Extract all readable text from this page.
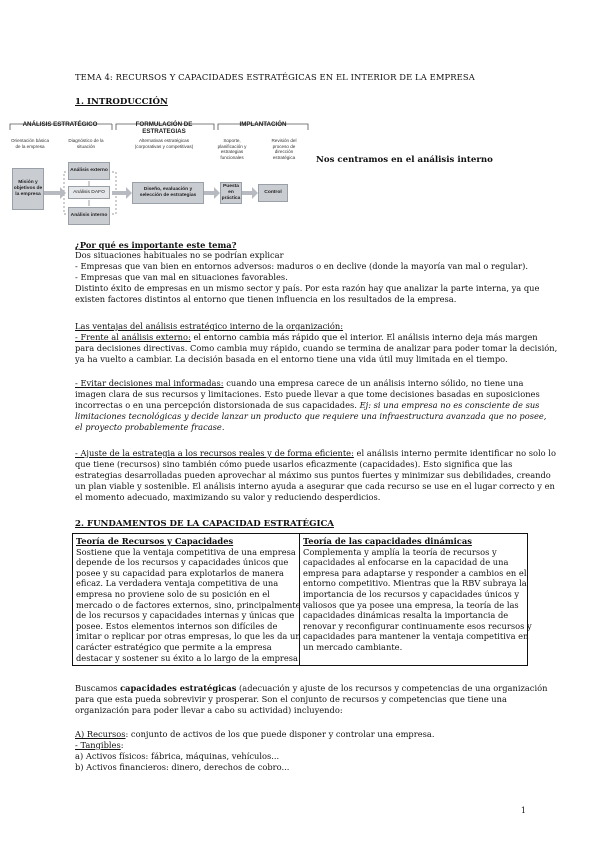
TEMA 4: RECURSOS Y CAPACIDADES ESTRATÉGICAS EN EL INTERIOR DE LA EMPRESA
1. INTRODUCCIÓN
ANÁLISIS ESTRATÉGICO	FORMULACIÓN DE ESTRATEGIAS
IMPLANTACIÓN
Orientación básica de la empresa
Diagnóstico de la situación
Alternativas estratégicas (corporativas y competitivas)
Soporte, planificación y estrategias funcionales
Revisión del proceso de dirección estratégica
Misión y objetivos de la empresa
Análisis externo
Análisis DAFO
Análisis interno
Diseño, evaluación y selección de estrategias
Puesta en práctica
Control
Nos centramos en el análisis interno
¿Por qué es importante este tema?
Dos situaciones habituales no se podrían explicar
- Empresas que van bien en entornos adversos: maduros o en declive (donde la mayoría van mal o regular).
- Empresas que van mal en situaciones favorables.
Distinto éxito de empresas en un mismo sector y país. Por esta razón hay que analizar la parte interna, ya que
existen factores distintos al entorno que tienen influencia en los resultados de la empresa.
Las ventajas del análisis estratégico interno de la organización:
- Frente al análisis externo: el entorno cambia más rápido que el interior. El análisis interno deja más margen
para decisiones directivas. Como cambia muy rápido, cuando se termina de analizar para poder tomar la decisión,
ya ha vuelto a cambiar. La decisión basada en el entorno tiene una vida útil muy limitada en el tiempo.
- Evitar decisiones mal informadas: cuando una empresa carece de un análisis interno sólido, no tiene una
imagen clara de sus recursos y limitaciones. Esto puede llevar a que tome decisiones basadas en suposiciones
incorrectas o en una percepción distorsionada de sus capacidades. Ej: si una empresa no es consciente de sus
limitaciones tecnológicas y decide lanzar un producto que requiere una infraestructura avanzada que no posee,
el proyecto probablemente fracase.
- Ajuste de la estrategia a los recursos reales y de forma eficiente: el análisis interno permite identificar no solo lo
que tiene (recursos) sino también cómo puede usarlos eficazmente (capacidades). Esto significa que las
estrategias desarrolladas pueden aprovechar al máximo sus puntos fuertes y minimizar sus debilidades, creando
un plan viable y sostenible. El análisis interno ayuda a asegurar que cada recurso se use en el lugar correcto y en
el momento adecuado, maximizando su valor y reduciendo desperdicios.
2. FUNDAMENTOS DE LA CAPACIDAD ESTRATÉGICA
Teoría de Recursos y Capacidades
Sostiene que la ventaja competitiva de una empresa
depende de los recursos y capacidades únicos que
posee y su capacidad para explotarlos de manera
eficaz. La verdadera ventaja competitiva de una
empresa no proviene solo de su posición en el
mercado o de factores externos, sino, principalmente
de los recursos y capacidades internas y únicas que
posee. Estos elementos internos son difíciles de
imitar o replicar por otras empresas, lo que les da un
carácter estratégico que permite a la empresa
destacar y sostener su éxito a lo largo de la empresa

Teoría de las capacidades dinámicas
Complementa y amplía la teoría de recursos y
capacidades al enfocarse en la capacidad de una
empresa para adaptarse y responder a cambios en el
entorno competitivo. Mientras que la RBV subraya la
importancia de los recursos y capacidades únicos y
valiosos que ya posee una empresa, la teoría de las
capacidades dinámicas resalta la importancia de
renovar y reconfigurar continuamente esos recursos y
capacidades para mantener la ventaja competitiva en
un mercado cambiante.
Buscamos capacidades estratégicas (adecuación y ajuste de los recursos y competencias de una organización
para que esta pueda sobrevivir y prosperar. Son el conjunto de recursos y competencias que tiene una
organización para poder llevar a cabo su actividad) incluyendo:
A) Recursos: conjunto de activos de los que puede disponer y controlar una empresa.
- Tangibles:
a) Activos físicos: fábrica, máquinas, vehículos...
b) Activos financieros: dinero, derechos de cobro...
1
